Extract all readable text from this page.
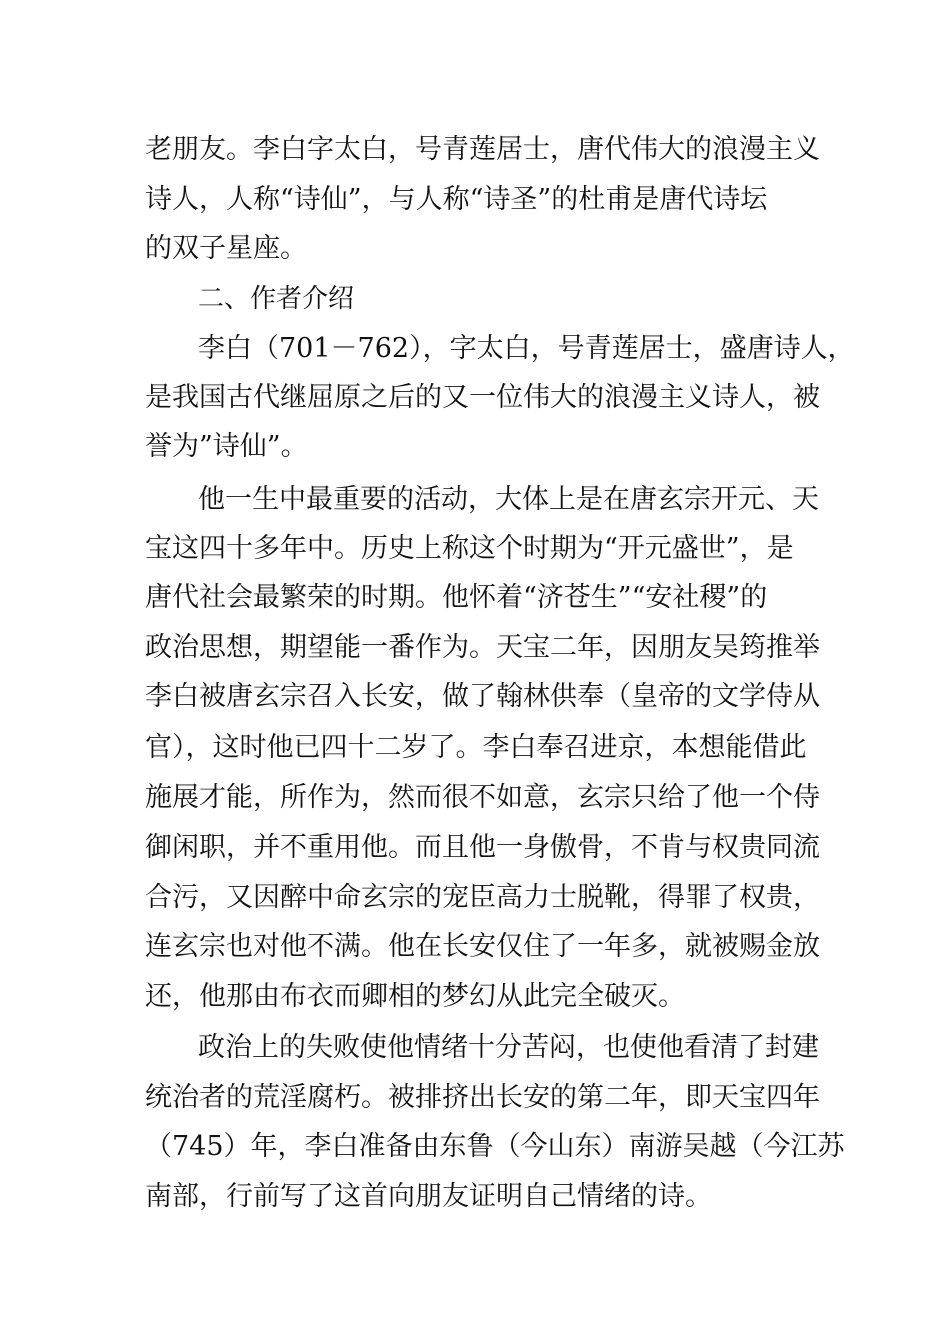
老朋友。李白字太白，号青莲居士，唐代伟大的浪漫主义
诗人，人称“诗仙”，与人称“诗圣”的杜甫是唐代诗坛
的双子星座。
二、作者介绍
李白（701－762），字太白，号青莲居士，盛唐诗人，
是我国古代继屈原之后的又一位伟大的浪漫主义诗人，被
誉为”诗仙”。
他一生中最重要的活动，大体上是在唐玄宗开元、天
宝这四十多年中。历史上称这个时期为“开元盛世”，是
唐代社会最繁荣的时期。他怀着“济苍生”“安社稷”的
政治思想，期望能一番作为。天宝二年，因朋友吴筠推举
李白被唐玄宗召入长安，做了翰林供奉（皇帝的文学侍从
官），这时他已四十二岁了。李白奉召进京，本想能借此
施展才能，所作为，然而很不如意，玄宗只给了他一个侍
御闲职，并不重用他。而且他一身傲骨，不肯与权贵同流
合污，又因醉中命玄宗的宠臣高力士脱靴，得罪了权贵，
连玄宗也对他不满。他在长安仅住了一年多，就被赐金放
还，他那由布衣而卿相的梦幻从此完全破灭。
政治上的失败使他情绪十分苦闷，也使他看清了封建
统治者的荒淫腐朽。被排挤出长安的第二年，即天宝四年
（745）年，李白准备由东鲁（今山东）南游吴越（今江苏
南部，行前写了这首向朋友证明自己情绪的诗。
